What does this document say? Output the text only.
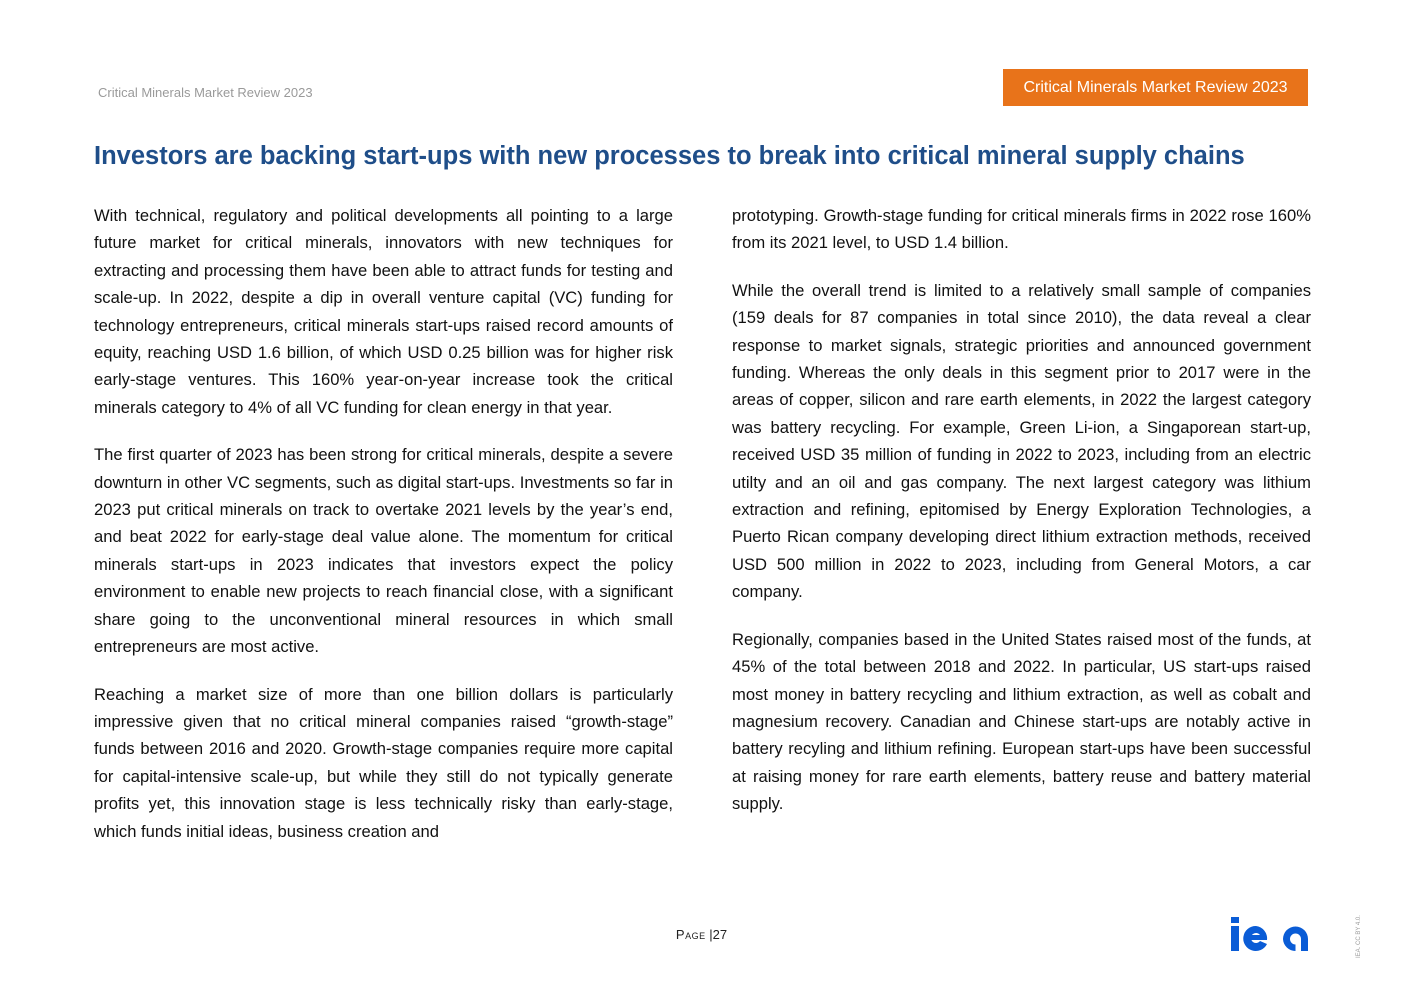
Critical Minerals Market Review 2023	Critical Minerals Market Review 2023
Investors are backing start-ups with new processes to break into critical mineral supply chains

With technical, regulatory and political developments all pointing to a large future market for critical minerals, innovators with new techniques for extracting and processing them have been able to attract funds for testing and scale-up. In 2022, despite a dip in overall venture capital (VC) funding for technology entrepreneurs, critical minerals start-ups raised record amounts of equity, reaching USD 1.6 billion, of which USD 0.25 billion was for higher risk early-stage ventures. This 160% year-on-year increase took the critical minerals category to 4% of all VC funding for clean energy in that year.

The first quarter of 2023 has been strong for critical minerals, despite a severe downturn in other VC segments, such as digital start-ups. Investments so far in 2023 put critical minerals on track to overtake 2021 levels by the year’s end, and beat 2022 for early-stage deal value alone. The momentum for critical minerals start-ups in 2023 indicates that investors expect the policy environment to enable new projects to reach financial close, with a significant share going to the unconventional mineral resources in which small entrepreneurs are most active.

Reaching a market size of more than one billion dollars is particularly impressive given that no critical mineral companies raised “growth-stage” funds between 2016 and 2020. Growth-stage companies require more capital for capital-intensive scale-up, but while they still do not typically generate profits yet, this innovation stage is less technically risky than early-stage, which funds initial ideas, business creation and

prototyping. Growth-stage funding for critical minerals firms in 2022 rose 160% from its 2021 level, to USD 1.4 billion.

While the overall trend is limited to a relatively small sample of companies (159 deals for 87 companies in total since 2010), the data reveal a clear response to market signals, strategic priorities and announced government funding. Whereas the only deals in this segment prior to 2017 were in the areas of copper, silicon and rare earth elements, in 2022 the largest category was battery recycling. For example, Green Li-ion, a Singaporean start-up, received USD 35 million of funding in 2022 to 2023, including from an electric utilty and an oil and gas company. The next largest category was lithium extraction and refining, epitomised by Energy Exploration Technologies, a Puerto Rican company developing direct lithium extraction methods, received USD 500 million in 2022 to 2023, including from General Motors, a car company.

Regionally, companies based in the United States raised most of the funds, at 45% of the total between 2018 and 2022. In particular, US start-ups raised most money in battery recycling and lithium extraction, as well as cobalt and magnesium recovery. Canadian and Chinese start-ups are notably active in battery recyling and lithium refining. European start-ups have been successful at raising money for rare earth elements, battery reuse and battery material supply.

Page |27	IEA. CC BY 4.0.
